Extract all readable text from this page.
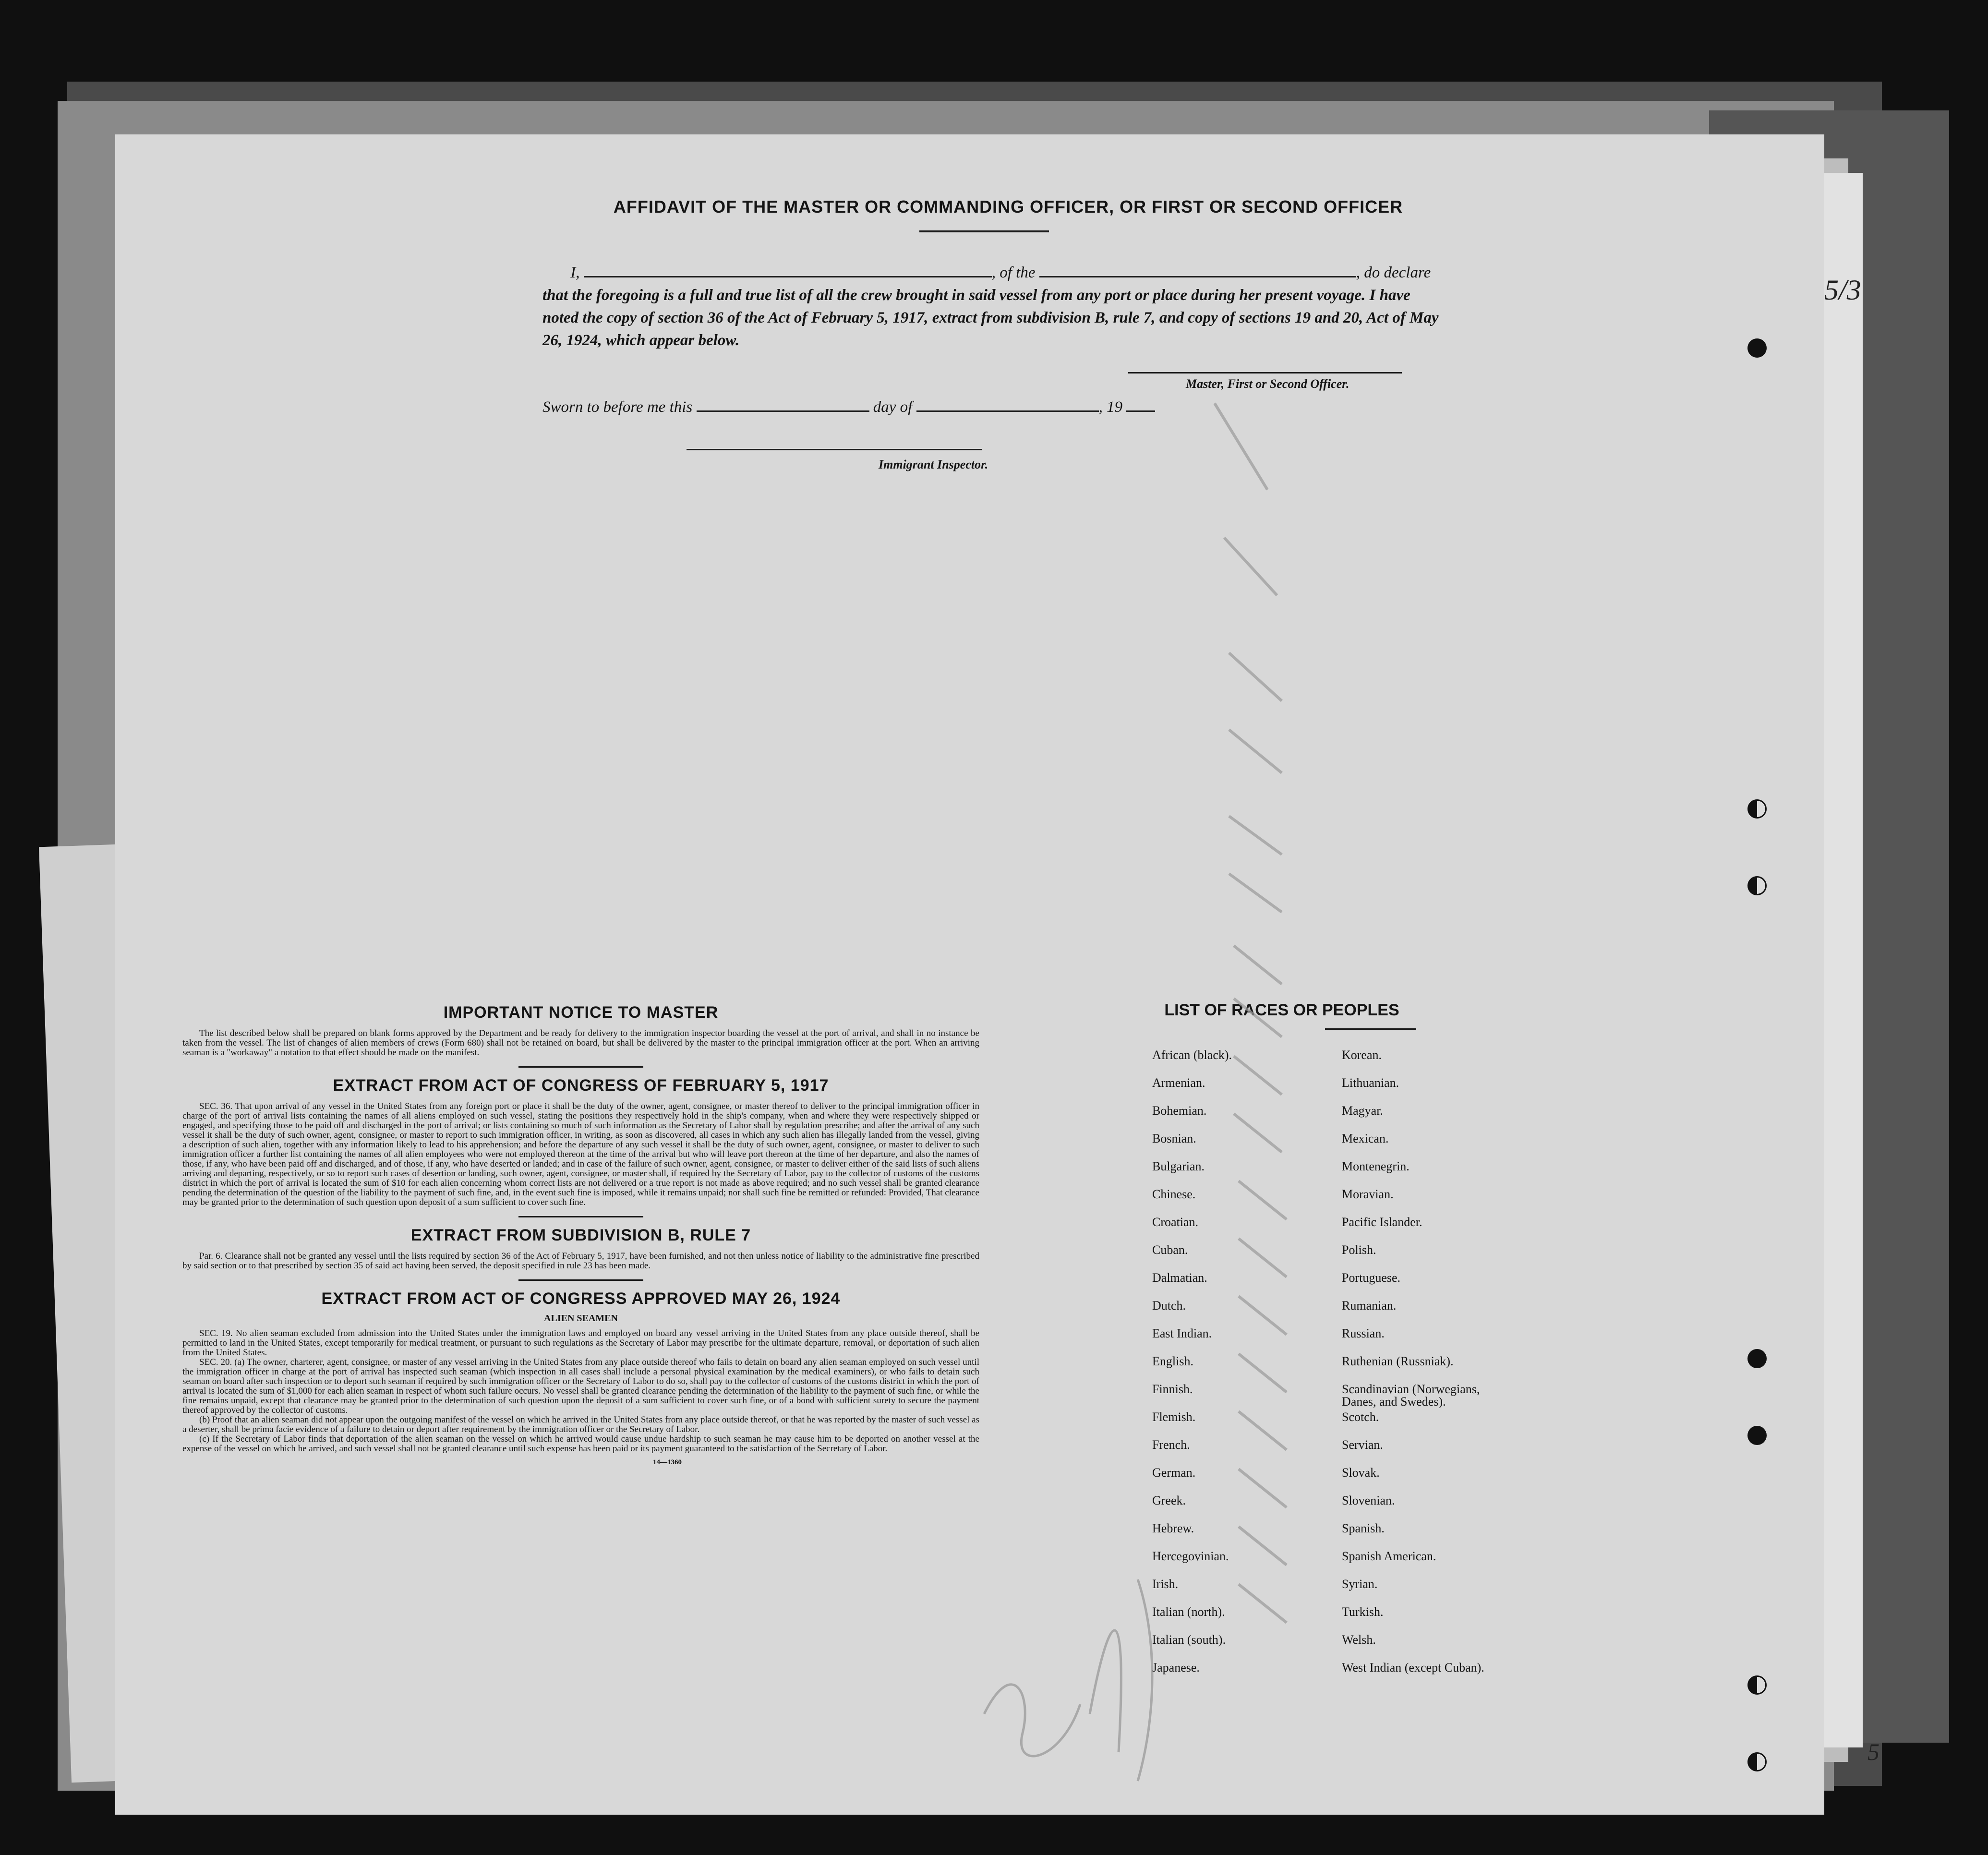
AFFIDAVIT OF THE MASTER OR COMMANDING OFFICER, OR FIRST OR SECOND OFFICER
I,	, of the	, do declare
that the foregoing is a full and true list of all the crew brought in said vessel from any port or place during her present voyage. I have noted the copy of section 36 of the Act of February 5, 1917, extract from subdivision B, rule 7, and copy of sections 19 and 20, Act of May 26, 1924, which appear below.
Master, First or Second Officer.
Sworn to before me this	day of	, 19
Immigrant Inspector.
IMPORTANT NOTICE TO MASTER

The list described below shall be prepared on blank forms approved by the Department and be ready for delivery to the immigration inspector boarding the vessel at the port of arrival, and shall in no instance be taken from the vessel. The list of changes of alien members of crews (Form 680) shall not be retained on board, but shall be delivered by the master to the principal immigration officer at the port. When an arriving seaman is a "workaway" a notation to that effect should be made on the manifest.

EXTRACT FROM ACT OF CONGRESS OF FEBRUARY 5, 1917

SEC. 36. That upon arrival of any vessel in the United States from any foreign port or place it shall be the duty of the owner, agent, consignee, or master thereof to deliver to the principal immigration officer in charge of the port of arrival lists containing the names of all aliens employed on such vessel, stating the positions they respectively hold in the ship's company, when and where they were respectively shipped or engaged, and specifying those to be paid off and discharged in the port of arrival; or lists containing so much of such information as the Secretary of Labor shall by regulation prescribe; and after the arrival of any such vessel it shall be the duty of such owner, agent, consignee, or master to report to such immigration officer, in writing, as soon as discovered, all cases in which any such alien has illegally landed from the vessel, giving a description of such alien, together with any information likely to lead to his apprehension; and before the departure of any such vessel it shall be the duty of such owner, agent, consignee, or master to deliver to such immigration officer a further list containing the names of all alien employees who were not employed thereon at the time of the arrival but who will leave port thereon at the time of her departure, and also the names of those, if any, who have been paid off and discharged, and of those, if any, who have deserted or landed; and in case of the failure of such owner, agent, consignee, or master to deliver either of the said lists of such aliens arriving and departing, respectively, or so to report such cases of desertion or landing, such owner, agent, consignee, or master shall, if required by the Secretary of Labor, pay to the collector of customs of the customs district in which the port of arrival is located the sum of $10 for each alien concerning whom correct lists are not delivered or a true report is not made as above required; and no such vessel shall be granted clearance pending the determination of the question of the liability to the payment of such fine, and, in the event such fine is imposed, while it remains unpaid; nor shall such fine be remitted or refunded: Provided, That clearance may be granted prior to the determination of such question upon deposit of a sum sufficient to cover such fine.

EXTRACT FROM SUBDIVISION B, RULE 7

Par. 6. Clearance shall not be granted any vessel until the lists required by section 36 of the Act of February 5, 1917, have been furnished, and not then unless notice of liability to the administrative fine prescribed by said section or to that prescribed by section 35 of said act having been served, the deposit specified in rule 23 has been made.

EXTRACT FROM ACT OF CONGRESS APPROVED MAY 26, 1924
ALIEN SEAMEN

SEC. 19. No alien seaman excluded from admission into the United States under the immigration laws and employed on board any vessel arriving in the United States from any place outside thereof, shall be permitted to land in the United States, except temporarily for medical treatment, or pursuant to such regulations as the Secretary of Labor may prescribe for the ultimate departure, removal, or deportation of such alien from the United States.

SEC. 20. (a) The owner, charterer, agent, consignee, or master of any vessel arriving in the United States from any place outside thereof who fails to detain on board any alien seaman employed on such vessel until the immigration officer in charge at the port of arrival has inspected such seaman (which inspection in all cases shall include a personal physical examination by the medical examiners), or who fails to detain such seaman on board after such inspection or to deport such seaman if required by such immigration officer or the Secretary of Labor to do so, shall pay to the collector of customs of the customs district in which the port of arrival is located the sum of $1,000 for each alien seaman in respect of whom such failure occurs. No vessel shall be granted clearance pending the determination of the liability to the payment of such fine, or while the fine remains unpaid, except that clearance may be granted prior to the determination of such question upon the deposit of a sum sufficient to cover such fine, or of a bond with sufficient surety to secure the payment thereof approved by the collector of customs.

(b) Proof that an alien seaman did not appear upon the outgoing manifest of the vessel on which he arrived in the United States from any place outside thereof, or that he was reported by the master of such vessel as a deserter, shall be prima facie evidence of a failure to detain or deport after requirement by the immigration officer or the Secretary of Labor.

(c) If the Secretary of Labor finds that deportation of the alien seaman on the vessel on which he arrived would cause undue hardship to such seaman he may cause him to be deported on another vessel at the expense of the vessel on which he arrived, and such vessel shall not be granted clearance until such expense has been paid or its payment guaranteed to the satisfaction of the Secretary of Labor.

14—1360
LIST OF RACES OR PEOPLES
African (black).
Armenian.
Bohemian.
Bosnian.
Bulgarian.
Chinese.
Croatian.
Cuban.
Dalmatian.
Dutch.
East Indian.
English.
Finnish.
Flemish.
French.
German.
Greek.
Hebrew.
Hercegovinian.
Irish.
Italian (north).
Italian (south).
Japanese.
Korean.
Lithuanian.
Magyar.
Mexican.
Montenegrin.
Moravian.
Pacific Islander.
Polish.
Portuguese.
Rumanian.
Russian.
Ruthenian (Russniak).
Scandinavian (Norwegians,
Danes, and Swedes).
Scotch.
Servian.
Slovak.
Slovenian.
Spanish.
Spanish American.
Syrian.
Turkish.
Welsh.
West Indian (except Cuban).
5/3
5
